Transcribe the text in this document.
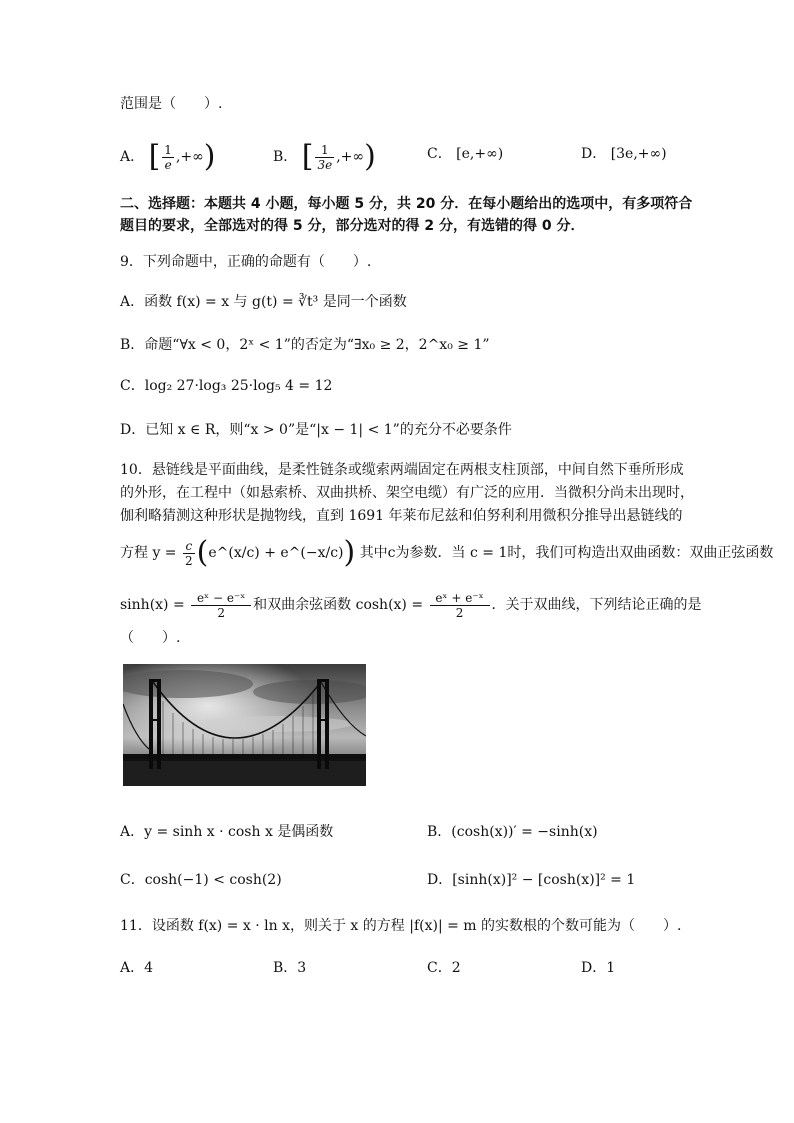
范围是（　　）.
A． [ $\frac{1}{e}$ ,+∞)	B． [ $\frac{1}{3e}$ ,+∞)	C． [e,+∞)	D． [3e,+∞)
二、选择题：本题共 4 小题，每小题 5 分，共 20 分．在每小题给出的选项中，有多项符合
题目的要求，全部选对的得 5 分，部分选对的得 2 分，有选错的得 0 分．
9．下列命题中，正确的命题有（　　）.
A．函数 f(x) = x 与 g(t) = ∛t³ 是同一个函数
B．命题“∀x < 0，2ˣ < 1”的否定为“∃x₀ ≥ 2，2^x₀ ≥ 1”
C．log₂ 27·log₃ 25·log₅ 4 = 12
D．已知 x ∈ R，则“x > 0”是“|x − 1| < 1”的充分不必要条件
10．悬链线是平面曲线，是柔性链条或缆索两端固定在两根支柱顶部，中间自然下垂所形成
的外形，在工程中（如悬索桥、双曲拱桥、架空电缆）有广泛的应用．当微积分尚未出现时，
伽利略猜测这种形状是抛物线，直到 1691 年莱布尼兹和伯努利利用微积分推导出悬链线的
方程 $y = \frac{c}{2}$ (e^(x/c) + e^(−x/c)) 其中c为参数．当 c = 1时，我们可构造出双曲函数：双曲正弦函数
$\sinh(x) = \frac{\text{eˣ − e⁻ˣ}}{2}$ 和双曲余弦函数 $\cosh(x) = \frac{\text{eˣ + e⁻ˣ}}{2}$ ．关于双曲线，下列结论正确的是
（　　）.
A．y = sinh x · cosh x 是偶函数	B．(cosh(x))′ = −sinh(x)
C．cosh(−1) < cosh(2)	D．[sinh(x)]² − [cosh(x)]² = 1
11．设函数 f(x) = x · ln x，则关于 x 的方程 |f(x)| = m 的实数根的个数可能为（　　）.
A．4	B．3	C．2	D．1
